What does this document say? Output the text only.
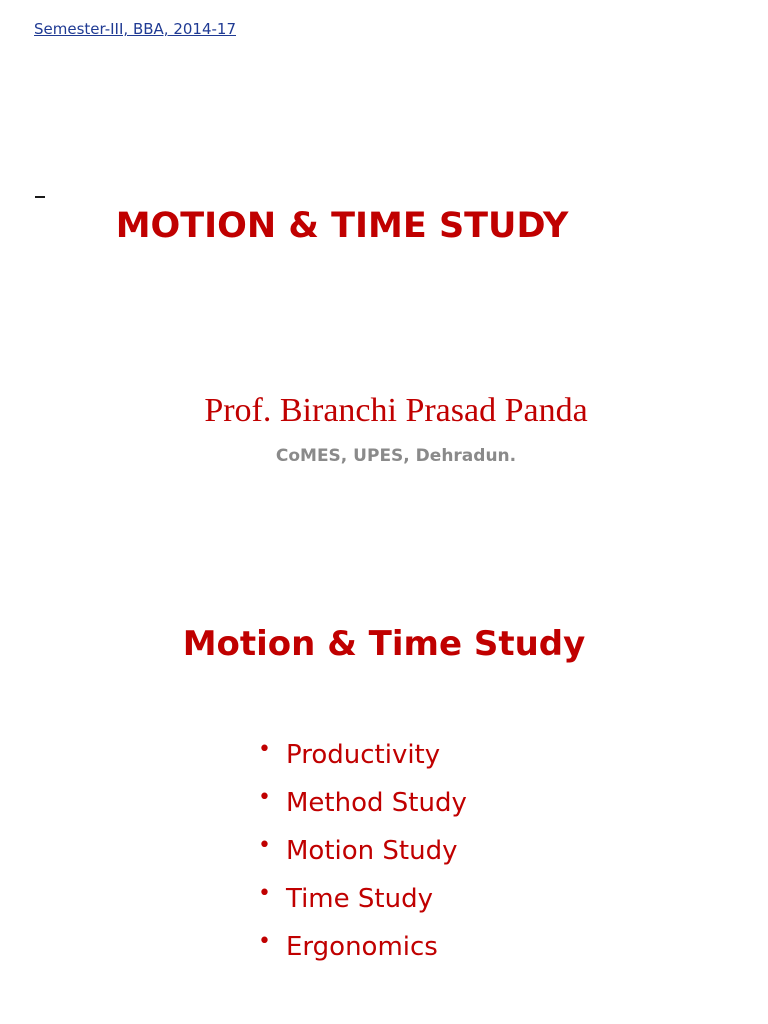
Semester-III, BBA, 2014-17
MOTION & TIME STUDY
Prof. Biranchi Prasad Panda
CoMES, UPES, Dehradun.
Motion & Time Study
• Productivity
• Method Study
• Motion Study
• Time Study
• Ergonomics
